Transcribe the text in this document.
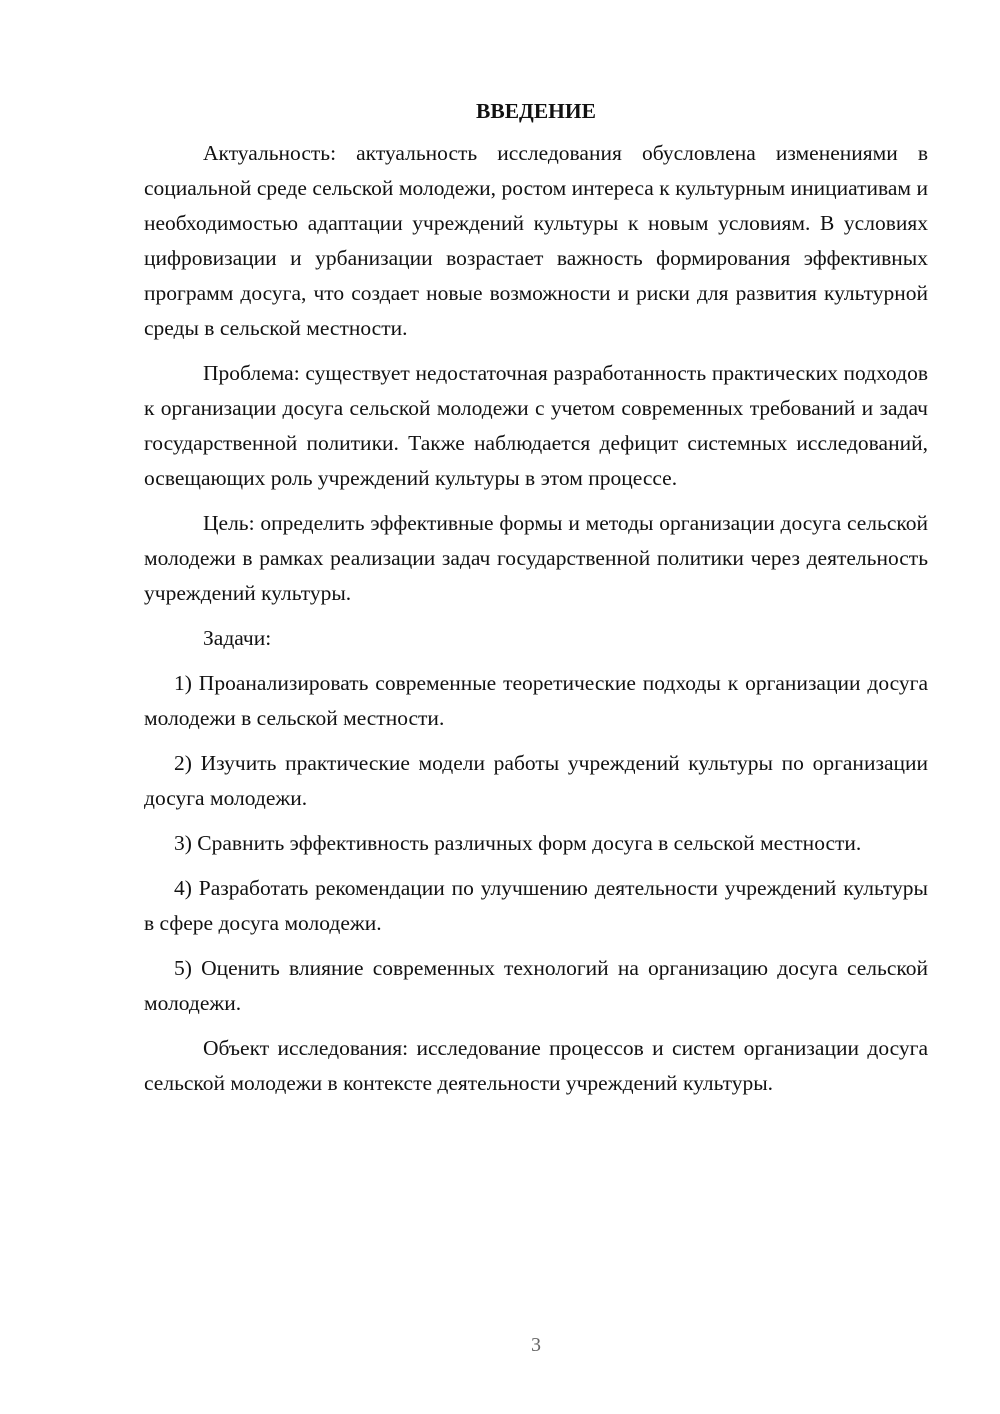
ВВЕДЕНИЕ

Актуальность: актуальность исследования обусловлена изменениями в социальной среде сельской молодежи, ростом интереса к культурным инициативам и необходимостью адаптации учреждений культуры к новым условиям. В условиях цифровизации и урбанизации возрастает важность формирования эффективных программ досуга, что создает новые возможности и риски для развития культурной среды в сельской местности.

Проблема: существует недостаточная разработанность практических подходов к организации досуга сельской молодежи с учетом современных требований и задач государственной политики. Также наблюдается дефицит системных исследований, освещающих роль учреждений культуры в этом процессе.

Цель: определить эффективные формы и методы организации досуга сельской молодежи в рамках реализации задач государственной политики через деятельность учреждений культуры.

Задачи:

1) Проанализировать современные теоретические подходы к организации досуга молодежи в сельской местности.

2) Изучить практические модели работы учреждений культуры по организации досуга молодежи.

3) Сравнить эффективность различных форм досуга в сельской местности.

4) Разработать рекомендации по улучшению деятельности учреждений культуры в сфере досуга молодежи.

5) Оценить влияние современных технологий на организацию досуга сельской молодежи.

Объект исследования: исследование процессов и систем организации досуга сельской молодежи в контексте деятельности учреждений культуры.

3
